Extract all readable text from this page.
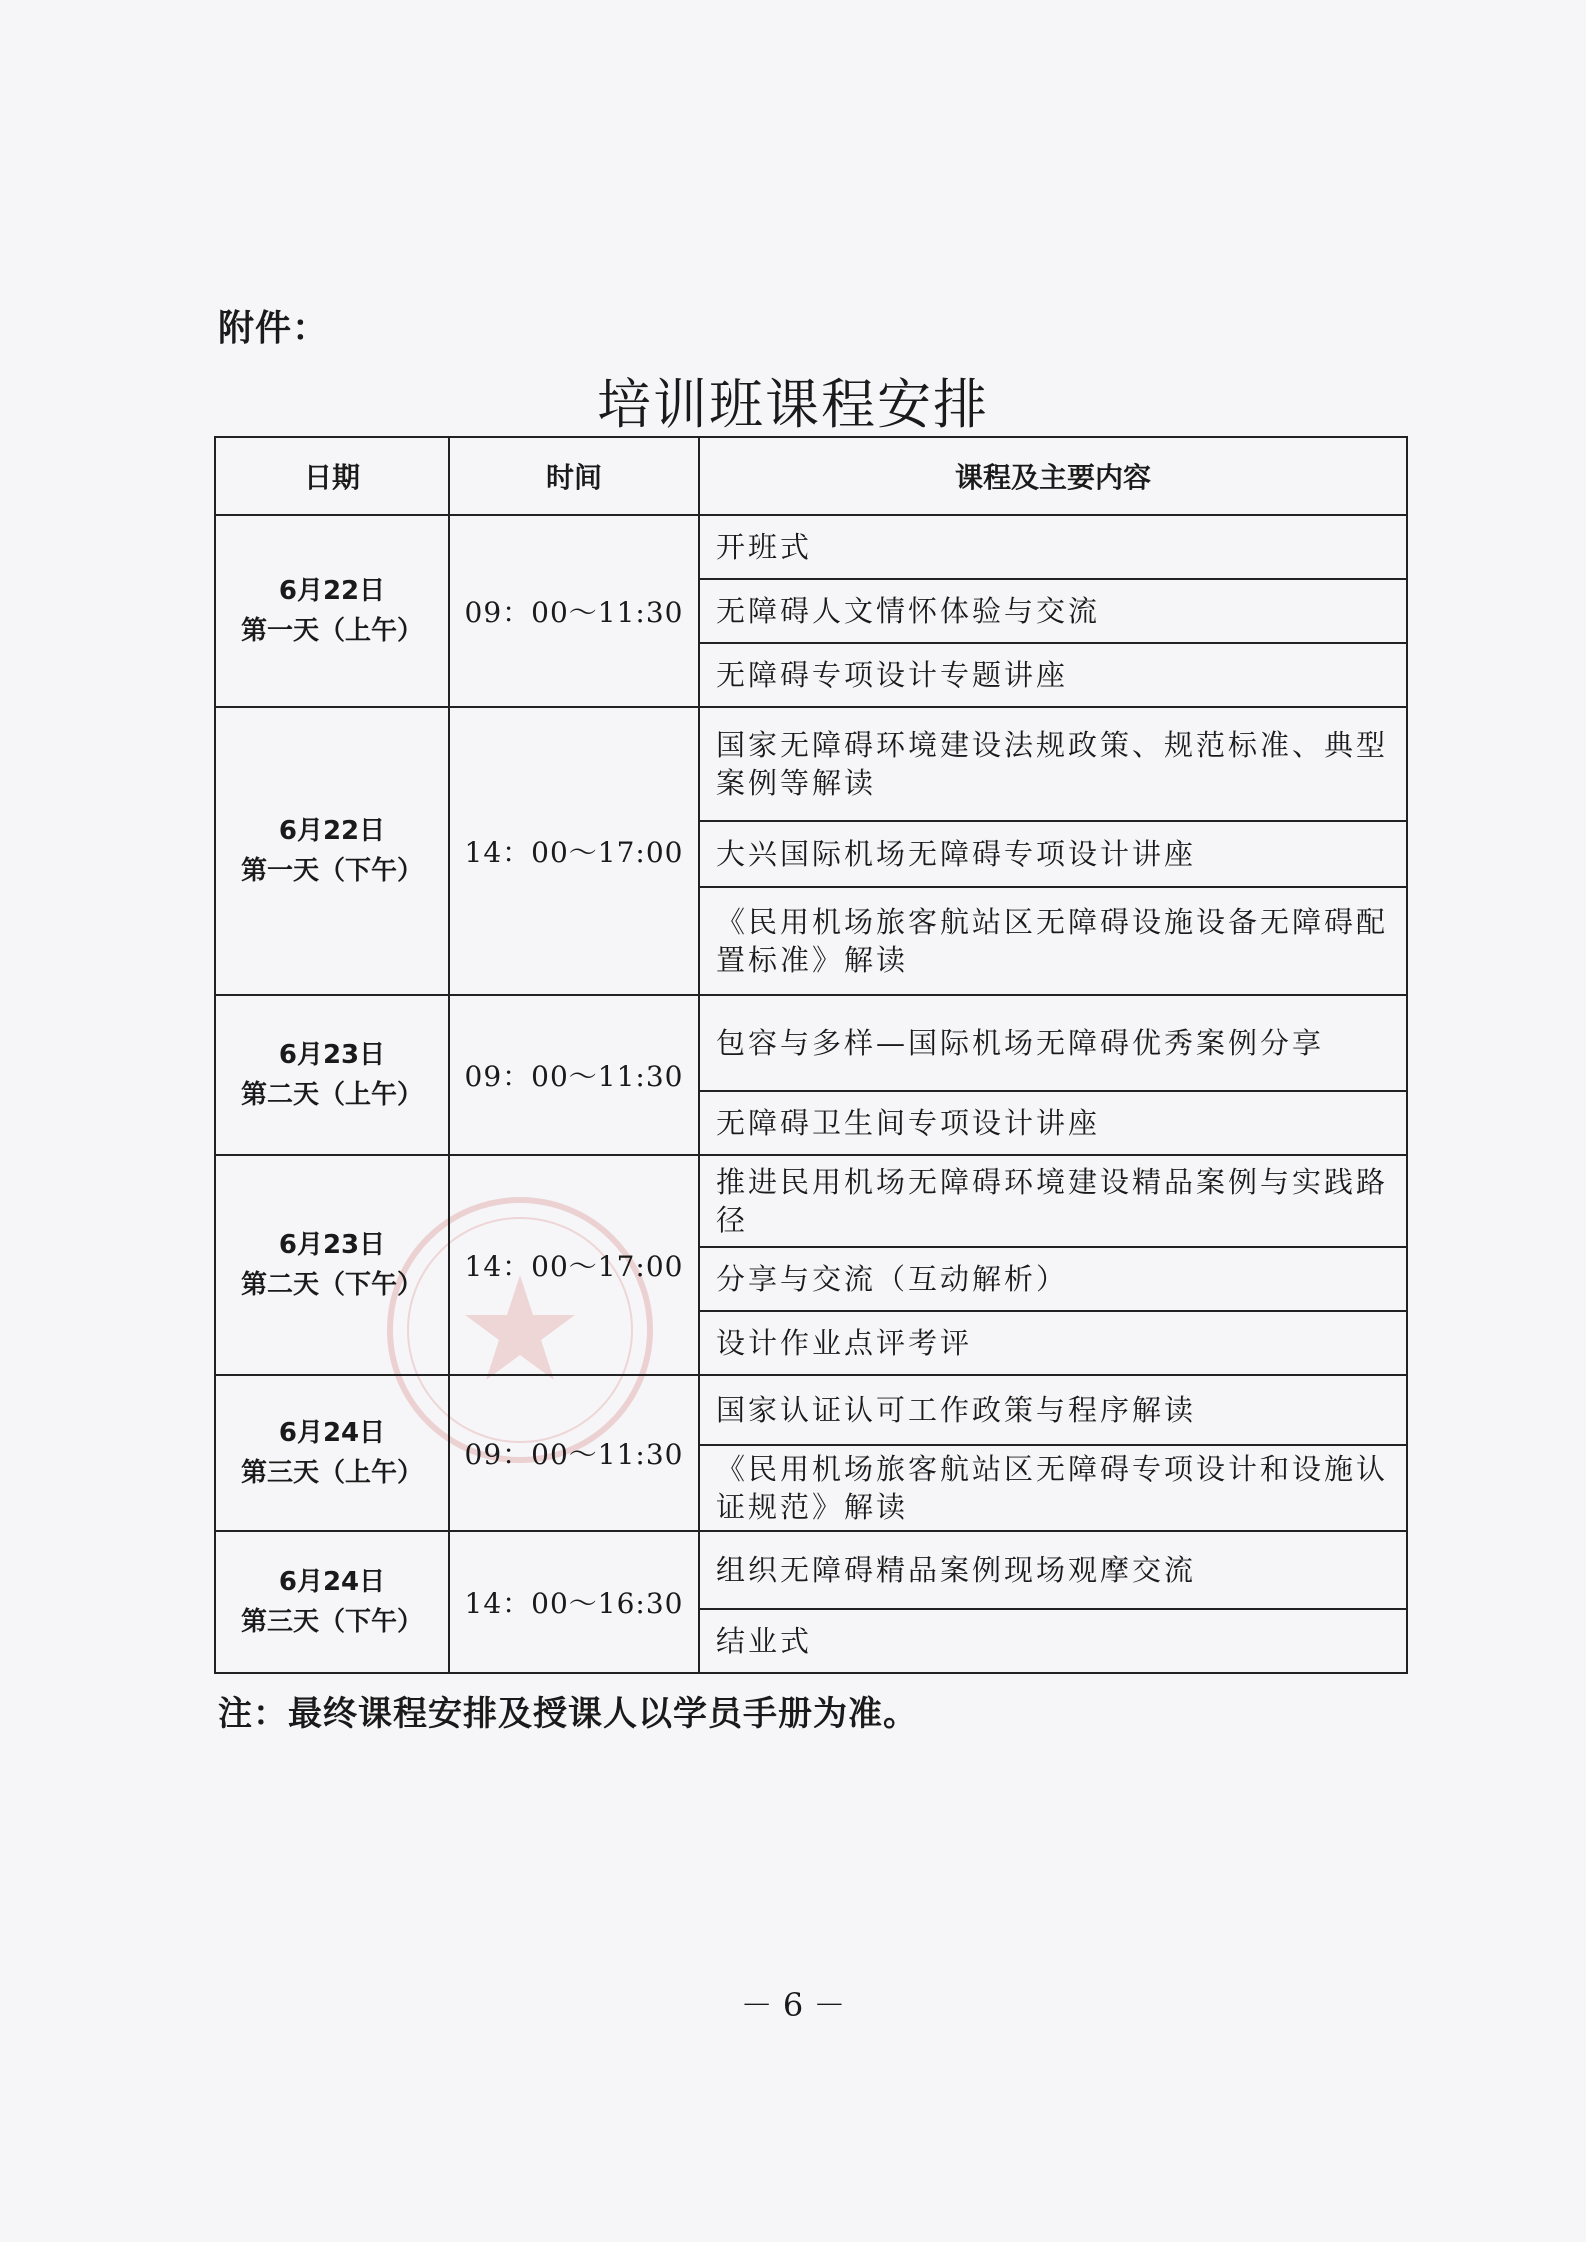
附件：
培训班课程安排
日期	时间	课程及主要内容

6月22日
第一天（上午）	09：00～11:30	开班式
		无障碍人文情怀体验与交流
		无障碍专项设计专题讲座

6月22日
第一天（下午）	14：00～17:00	国家无障碍环境建设法规政策、规范标准、典型案例等解读
		大兴国际机场无障碍专项设计讲座
		《民用机场旅客航站区无障碍设施设备无障碍配置标准》解读

6月23日
第二天（上午）	09：00～11:30	包容与多样—国际机场无障碍优秀案例分享
		无障碍卫生间专项设计讲座

6月23日
第二天（下午）	14：00～17:00	推进民用机场无障碍环境建设精品案例与实践路径
		分享与交流（互动解析）
		设计作业点评考评

6月24日
第三天（上午）	09：00～11:30	国家认证认可工作政策与程序解读
		《民用机场旅客航站区无障碍专项设计和设施认证规范》解读

6月24日
第三天（下午）	14：00～16:30	组织无障碍精品案例现场观摩交流
		结业式
注：最终课程安排及授课人以学员手册为准。
－ 6 －
